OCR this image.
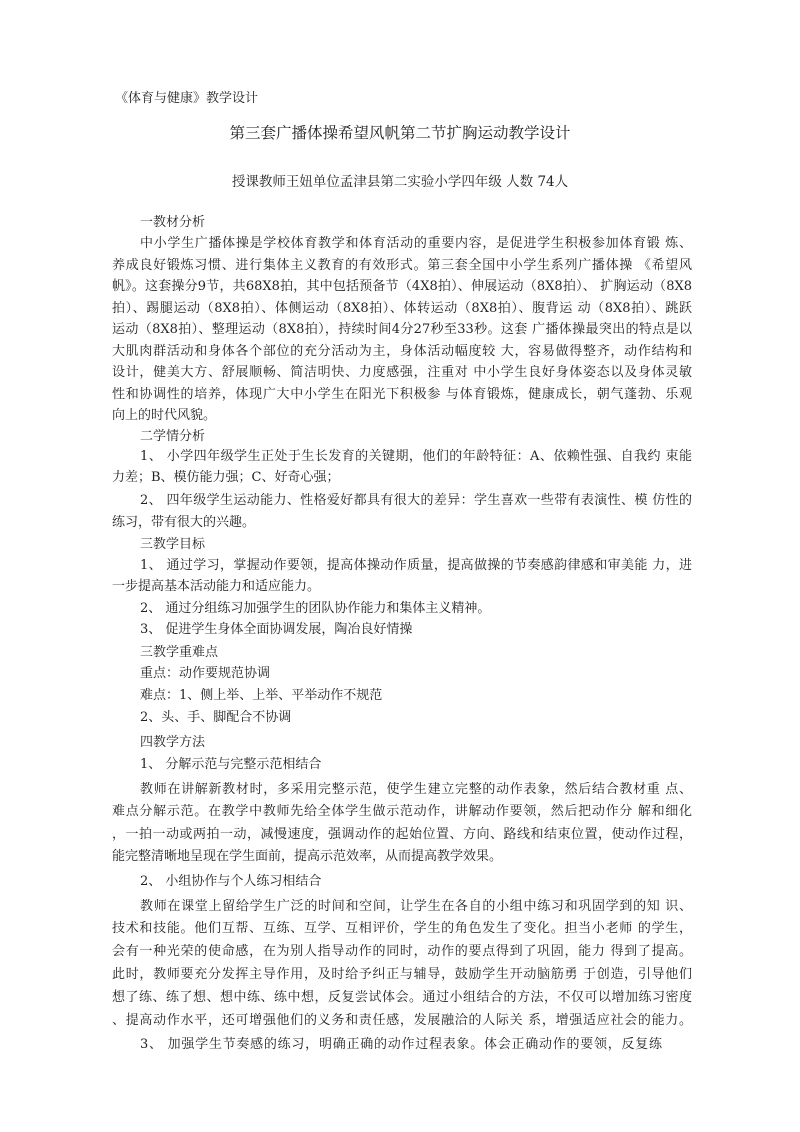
《体育与健康》教学设计
第三套广播体操希望风帆第二节扩胸运动教学设计
授课教师王妞单位孟津县第二实验小学四年级 人数 74人
一教材分析
中小学生广播体操是学校体育教学和体育活动的重要内容，是促进学生积极参加体育锻 炼、
养成良好锻炼习惯、进行集体主义教育的有效形式。第三套全国中小学生系列广播体操 《希望风
帆》。这套操分9节，共68X8拍，其中包括预备节（4X8拍）、伸展运动（8X8拍）、 扩胸运动（8X8
拍）、踢腿运动（8X8拍）、体侧运动（8X8拍）、体转运动（8X8拍）、腹背运 动（8X8拍）、跳跃
运动（8X8拍）、整理运动（8X8拍），持续时间4分27秒至33秒。这套 广播体操最突出的特点是以
大肌肉群活动和身体各个部位的充分活动为主，身体活动幅度较 大，容易做得整齐，动作结构和
设计，健美大方、舒展顺畅、简洁明快、力度感强，注重对 中小学生良好身体姿态以及身体灵敏
性和协调性的培养，体现广大中小学生在阳光下积极参 与体育锻炼，健康成长，朝气蓬勃、乐观
向上的时代风貌。
二学情分析
1、 小学四年级学生正处于生长发育的关键期，他们的年龄特征：A、依赖性强、自我约 束能
力差；B、模仿能力强；C、好奇心强；
2、 四年级学生运动能力、性格爱好都具有很大的差异：学生喜欢一些带有表演性、模 仿性的
练习，带有很大的兴趣。
三教学目标
1、 通过学习，掌握动作要领，提高体操动作质量，提高做操的节奏感韵律感和审美能 力，进
一步提高基本活动能力和适应能力。
2、 通过分组练习加强学生的团队协作能力和集体主义精神。
3、 促进学生身体全面协调发展，陶冶良好情操
三教学重难点
重点：动作要规范协调
难点：1、侧上举、上举、平举动作不规范
2、头、手、脚配合不协调
四教学方法
1、 分解示范与完整示范相结合
教师在讲解新教材时，多采用完整示范，使学生建立完整的动作表象，然后结合教材重 点、
难点分解示范。在教学中教师先给全体学生做示范动作，讲解动作要领，然后把动作分 解和细化
，一拍一动或两拍一动，减慢速度，强调动作的起始位置、方向、路线和结束位置，使动作过程，
能完整清晰地呈现在学生面前，提高示范效率，从而提高教学效果。
2、 小组协作与个人练习相结合
教师在课堂上留给学生广泛的时间和空间，让学生在各自的小组中练习和巩固学到的知 识、
技术和技能。他们互帮、互练、互学、互相评价，学生的角色发生了变化。担当小老师 的学生，
会有一种光荣的使命感，在为别人指导动作的同时，动作的要点得到了巩固，能力 得到了提高。
此时，教师要充分发挥主导作用，及时给予纠正与辅导，鼓励学生开动脑筋勇 于创造，引导他们
想了练、练了想、想中练、练中想，反复尝试体会。通过小组结合的方法，不仅可以增加练习密度
、提高动作水平，还可增强他们的义务和责任感，发展融洽的人际关 系，增强适应社会的能力。
3、 加强学生节奏感的练习，明确正确的动作过程表象。体会正确动作的要领，反复练
